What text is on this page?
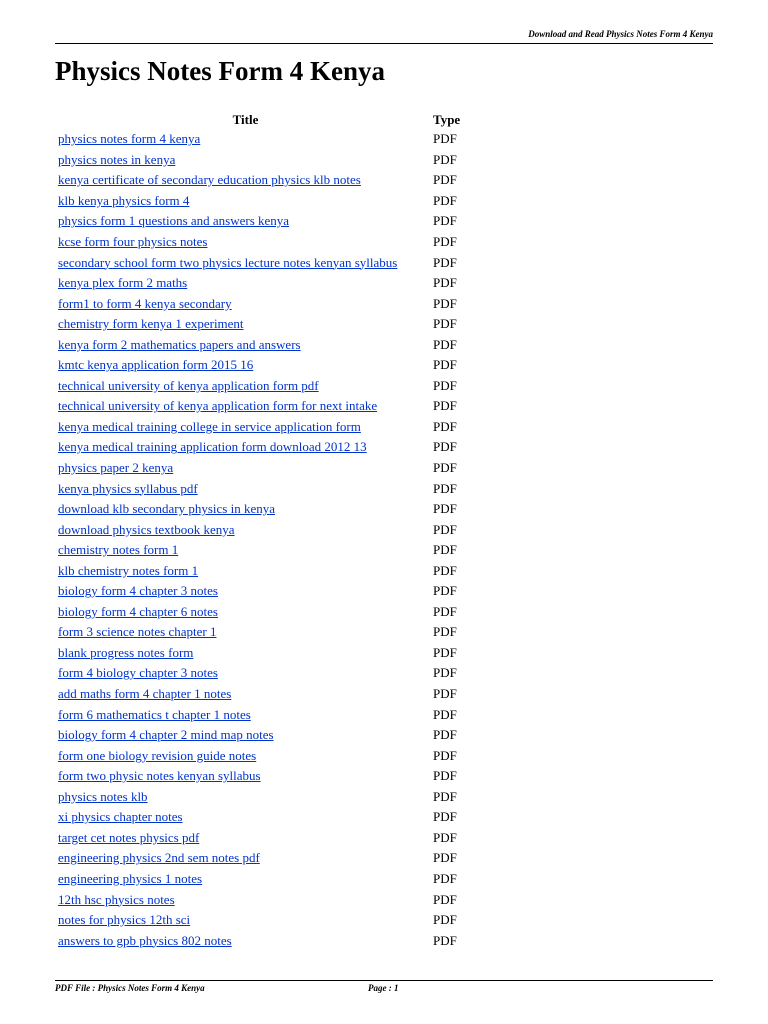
Download and Read Physics Notes Form 4 Kenya
Physics Notes Form 4 Kenya
Title	Type
physics notes form 4 kenya	PDF
physics notes in kenya	PDF
kenya certificate of secondary education physics klb notes	PDF
klb kenya physics form 4	PDF
physics form 1 questions and answers kenya	PDF
kcse form four physics notes	PDF
secondary school form two physics lecture notes kenyan syllabus	PDF
kenya plex form 2 maths	PDF
form1 to form 4 kenya secondary	PDF
chemistry form kenya 1 experiment	PDF
kenya form 2 mathematics papers and answers	PDF
kmtc kenya application form 2015 16	PDF
technical university of kenya application form pdf	PDF
technical university of kenya application form for next intake	PDF
kenya medical training college in service application form	PDF
kenya medical training application form download 2012 13	PDF
physics paper 2 kenya	PDF
kenya physics syllabus pdf	PDF
download klb secondary physics in kenya	PDF
download physics textbook kenya	PDF
chemistry notes form 1	PDF
klb chemistry notes form 1	PDF
biology form 4 chapter 3 notes	PDF
biology form 4 chapter 6 notes	PDF
form 3 science notes chapter 1	PDF
blank progress notes form	PDF
form 4 biology chapter 3 notes	PDF
add maths form 4 chapter 1 notes	PDF
form 6 mathematics t chapter 1 notes	PDF
biology form 4 chapter 2 mind map notes	PDF
form one biology revision guide notes	PDF
form two physic notes kenyan syllabus	PDF
physics notes klb	PDF
xi physics chapter notes	PDF
target cet notes physics pdf	PDF
engineering physics 2nd sem notes pdf	PDF
engineering physics 1 notes	PDF
12th hsc physics notes	PDF
notes for physics 12th sci	PDF
answers to gpb physics 802 notes	PDF
PDF File : Physics Notes Form 4 Kenya	Page : 1
